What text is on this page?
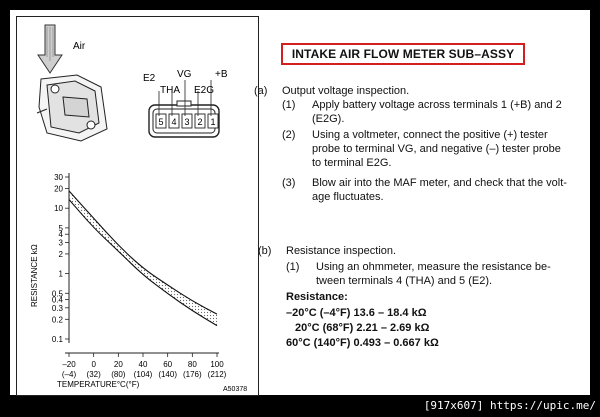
Air
5 4 3 2 1
E2
THA
VG
E2G
+B
30
20
10
5
4
3
2
1
0.5
0.4
0.3
0.2
0.1
–20
(–4)
0
(32)
20
(80)
40
(104)
60
(140)
80
(176)
100
(212)
TEMPERATURE°C(°F)
A50378
RESISTANCE kΩ
INTAKE AIR FLOW METER SUB–ASSY
(a) Output voltage inspection.
(1) Apply battery voltage across terminals 1 (+B) and 2
(E2G).
(2) Using a voltmeter, connect the positive (+) tester
probe to terminal VG, and negative (–) tester probe
to terminal E2G.
(3) Blow air into the MAF meter, and check that the volt-
age fluctuates.
(b) Resistance inspection.
(1) Using an ohmmeter, measure the resistance be-
tween terminals 4 (THA) and 5 (E2).
Resistance:
–20°C (–4°F) 13.6 – 18.4 kΩ
20°C (68°F) 2.21 – 2.69 kΩ
60°C (140°F) 0.493 – 0.667 kΩ
[917x607] https://upic.me/
